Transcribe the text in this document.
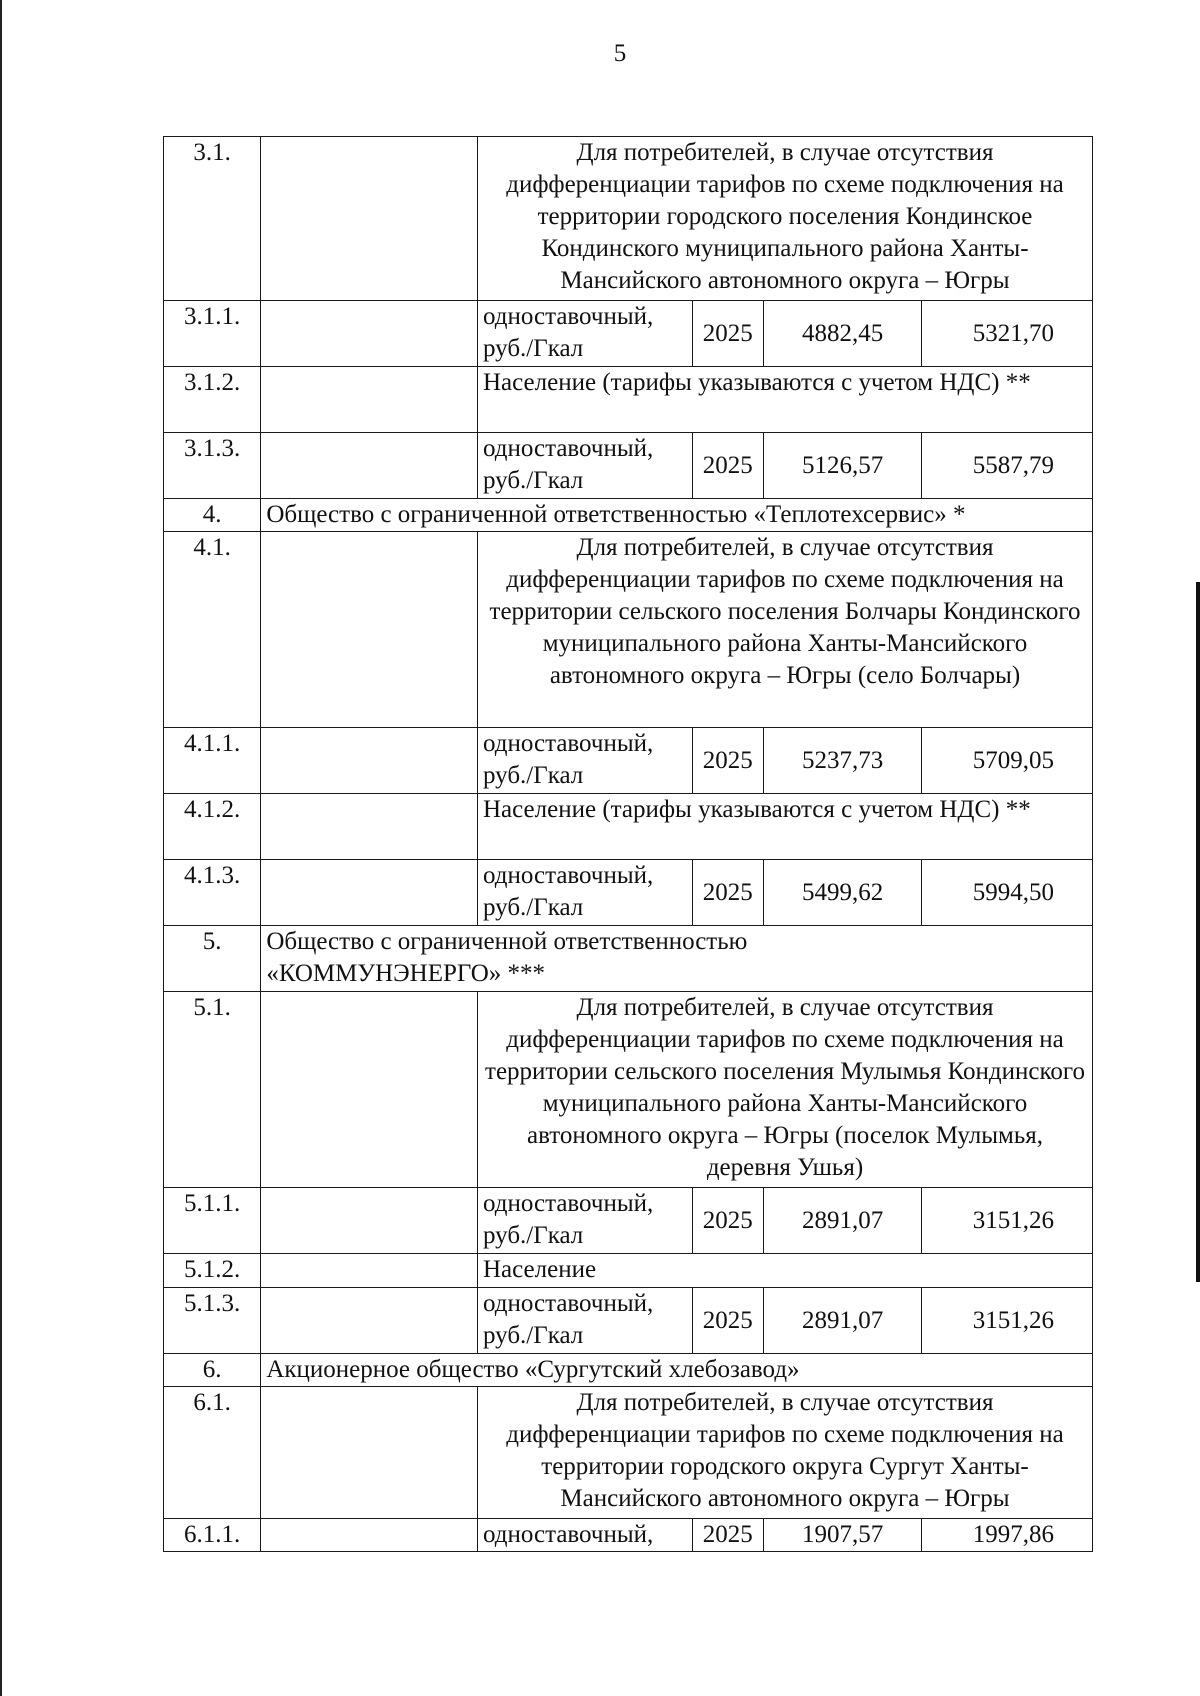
5
3.1.		Для потребителей, в случае отсутствия дифференциации тарифов по схеме подключения на территории городского поселения Кондинское Кондинского муниципального района Ханты-Мансийского автономного округа – Югры			
3.1.1.		одноставочный, руб./Гкал	2025	4882,45	5321,70
3.1.2.		Население (тарифы указываются с учетом НДС) **			
3.1.3.		одноставочный, руб./Гкал	2025	5126,57	5587,79
4.	Общество с ограниченной ответственностью «Теплотехсервис» *				
4.1.		Для потребителей, в случае отсутствия дифференциации тарифов по схеме подключения на территории сельского поселения Болчары Кондинского муниципального района Ханты-Мансийского автономного округа – Югры (село Болчары)			
4.1.1.		одноставочный, руб./Гкал	2025	5237,73	5709,05
4.1.2.		Население (тарифы указываются с учетом НДС) **			
4.1.3.		одноставочный, руб./Гкал	2025	5499,62	5994,50
5.	Общество с ограниченной ответственностью «КОММУНЭНЕРГО» ***				
5.1.		Для потребителей, в случае отсутствия дифференциации тарифов по схеме подключения на территории сельского поселения Мулымья Кондинского муниципального района Ханты-Мансийского автономного округа – Югры (поселок Мулымья, деревня Ушья)			
5.1.1.		одноставочный, руб./Гкал	2025	2891,07	3151,26
5.1.2.		Население			
5.1.3.		одноставочный, руб./Гкал	2025	2891,07	3151,26
6.	Акционерное общество «Сургутский хлебозавод»				
6.1.		Для потребителей, в случае отсутствия дифференциации тарифов по схеме подключения на территории городского округа Сургут Ханты-Мансийского автономного округа – Югры			
6.1.1.		одноставочный,	2025	1907,57	1997,86
